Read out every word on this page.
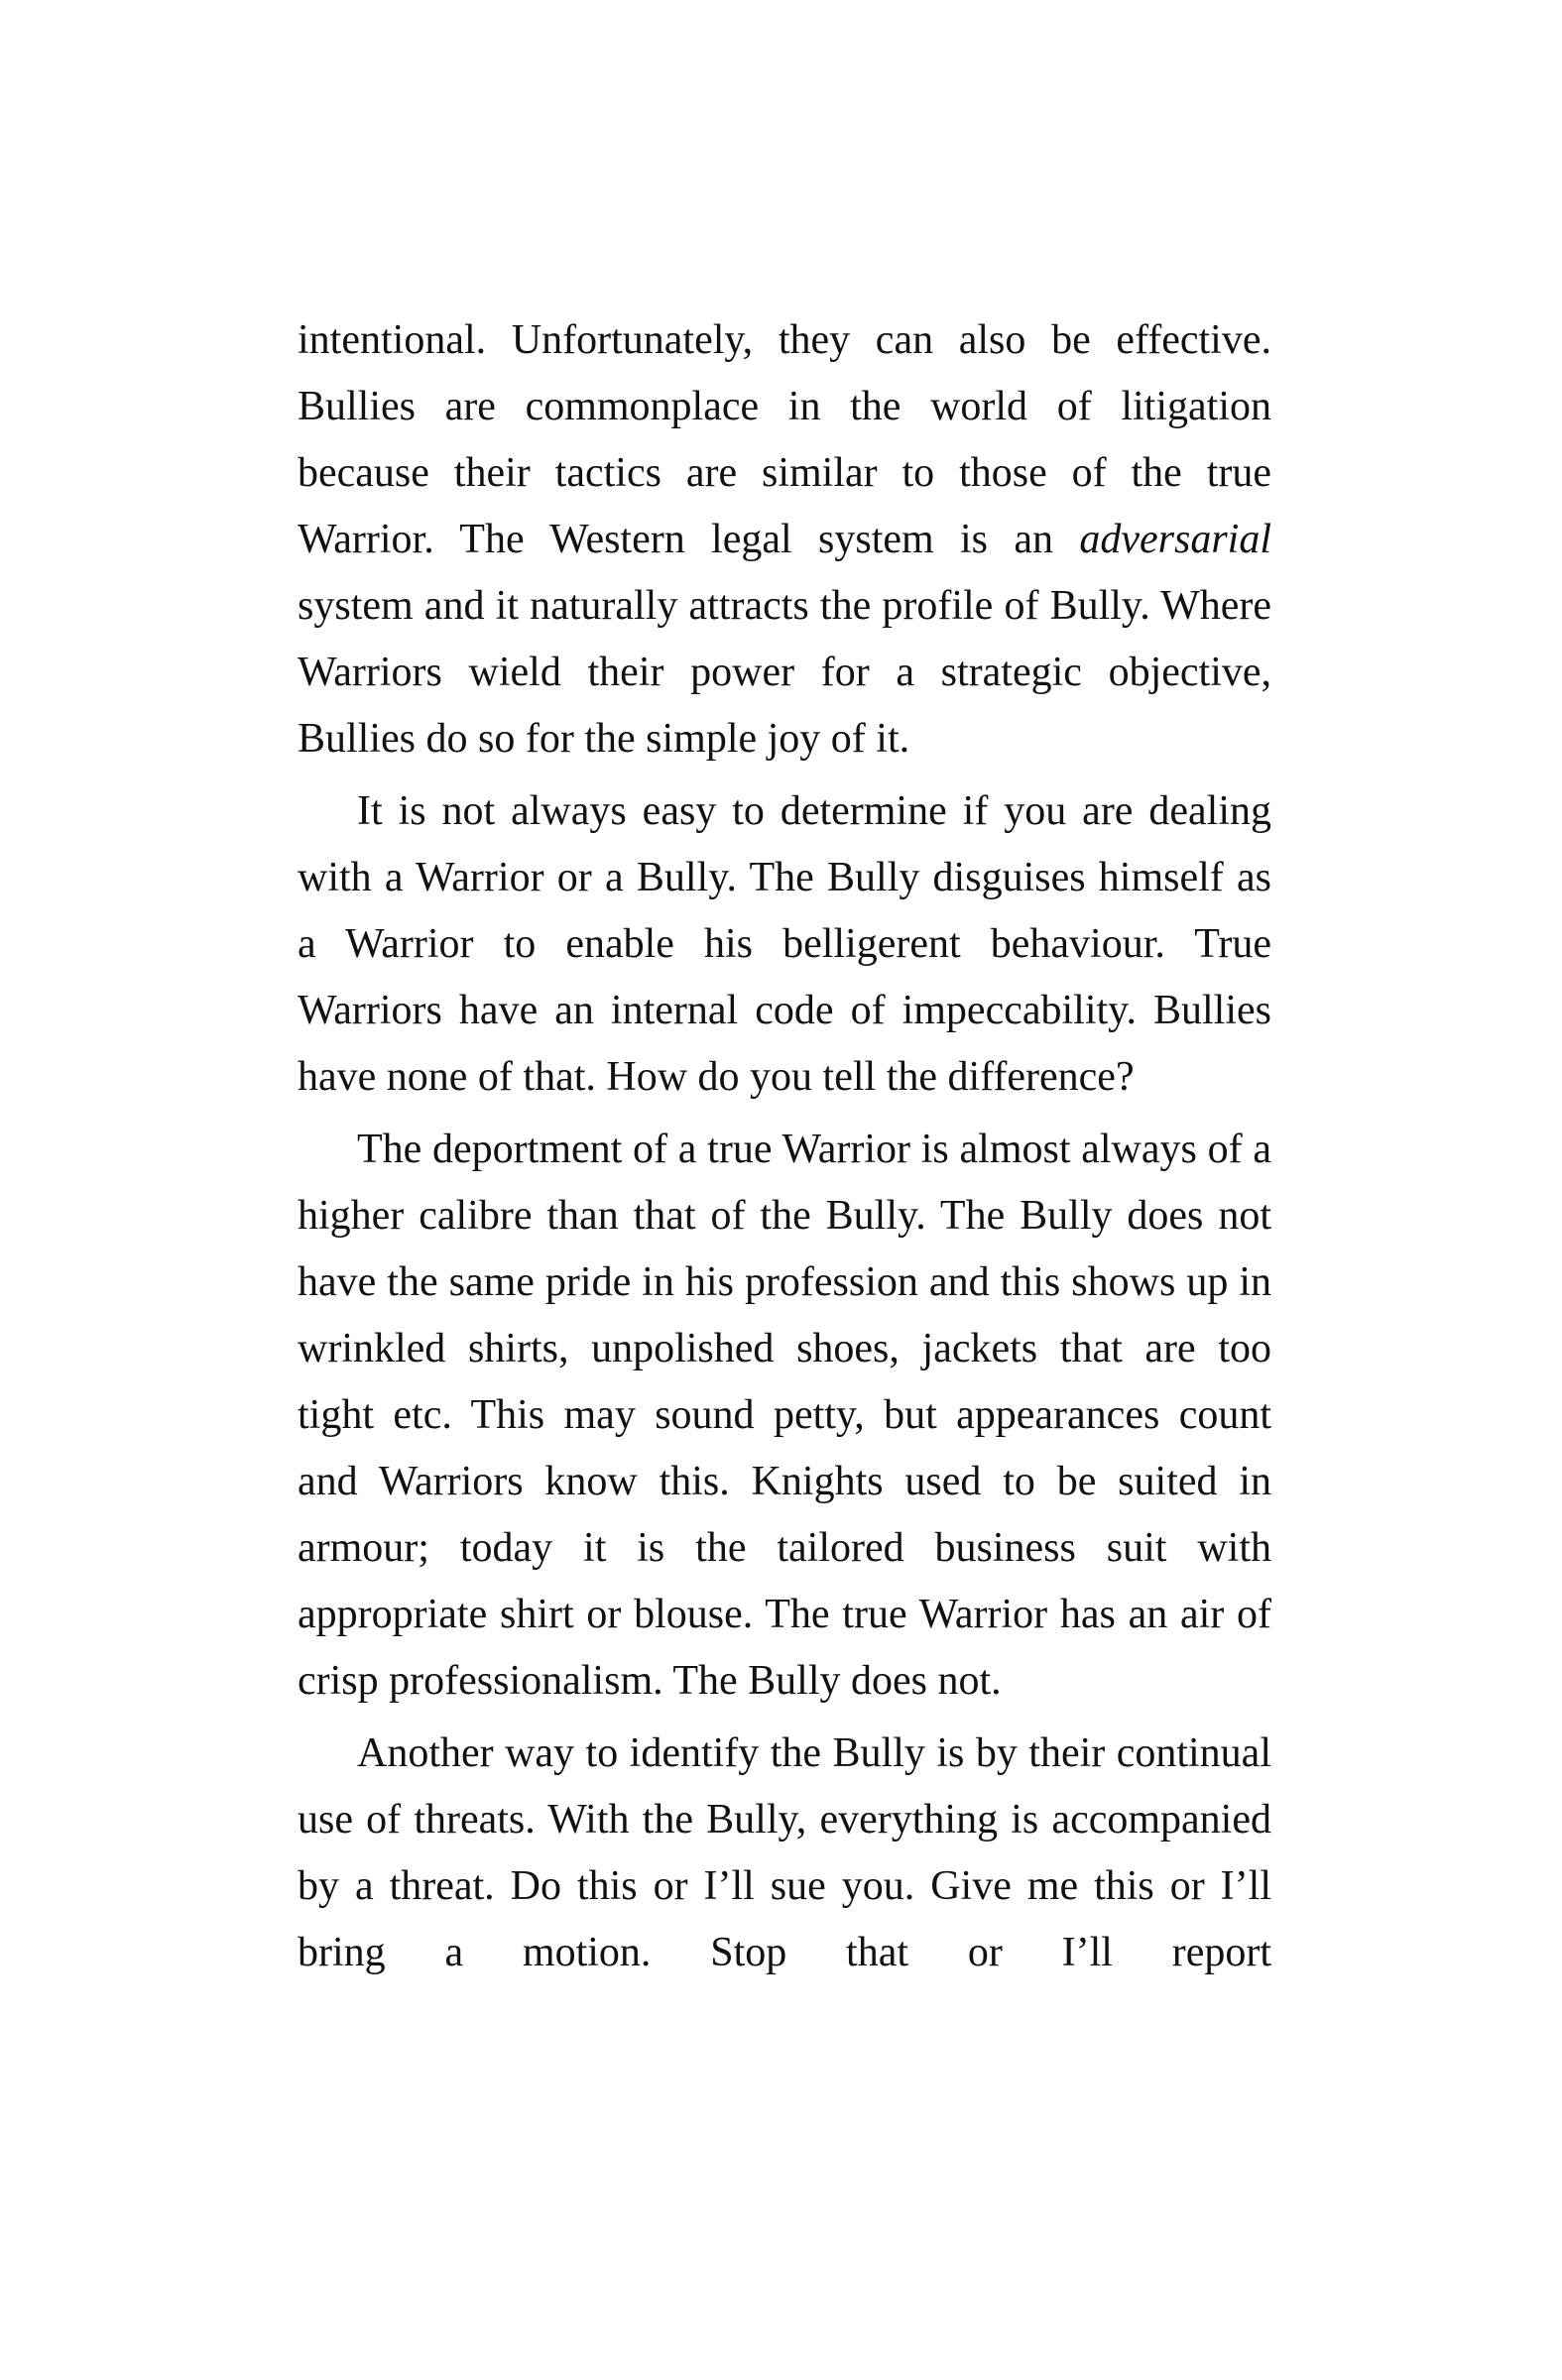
intentional. Unfortunately, they can also be effective. Bullies are commonplace in the world of litigation because their tactics are similar to those of the true Warrior. The Western legal system is an adversarial system and it naturally attracts the profile of Bully. Where Warriors wield their power for a strategic objective, Bullies do so for the simple joy of it.

It is not always easy to determine if you are dealing with a Warrior or a Bully. The Bully disguises himself as a Warrior to enable his belligerent behaviour. True Warriors have an internal code of impeccability. Bullies have none of that. How do you tell the difference?

The deportment of a true Warrior is almost always of a higher calibre than that of the Bully. The Bully does not have the same pride in his profession and this shows up in wrinkled shirts, unpolished shoes, jackets that are too tight etc. This may sound petty, but appearances count and Warriors know this. Knights used to be suited in armour; today it is the tailored business suit with appropriate shirt or blouse. The true Warrior has an air of crisp professionalism. The Bully does not.

Another way to identify the Bully is by their continual use of threats. With the Bully, everything is accompanied by a threat. Do this or I’ll sue you. Give me this or I’ll bring a motion. Stop that or I’ll report
